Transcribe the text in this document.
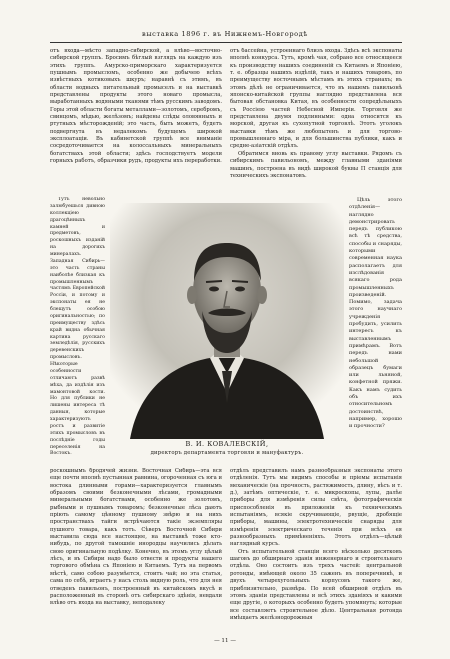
выставка 1896 г. въ Нижнемъ-Новгородѣ

отъ входа—мѣсто западно-сибирской, а влѣво—восточно-сибирской группъ. Бросимъ бѣглый взглядъ на каждую изъ этихъ группъ. Амурско-приморскаго характеризуется пушнымъ промысломъ, особенно же добычею всѣхъ извѣстныхъ котиковыхъ шкуръ; наравнѣ съ этимъ, въ области водныхъ питательный промыселъ и на выставкѣ представлены продукты этого новаго промысла, выработанныхъ водяными тканями тѣмъ русскимъ заводомъ. Горы этой области богаты металлами—золотомъ, серебромъ, свинцомъ, мѣдью, желѣзомъ; найдены слѣды оловянныхъ и ртутныхъ мѣсторожденій; это часть, быть можетъ, будетъ подвергнута въ недалекомъ будущемъ широкой эксплоатаціи. Въ кабинетской группѣ все вниманіе сосредоточивается на колоссальныхъ минеральныхъ богатствахъ этой области; здѣсь господствуетъ модели горныхъ работъ, образчики рудъ, продукты ихъ переработки.

отъ бассейна, устроеннаго близъ входа. Здѣсь всѣ экспонаты вполнѣ конкурса. Тутъ, кромѣ чая, собрано все относящееся къ производству нашихъ соединеній съ Китаемъ и Японіею, т. е. образцы нашихъ издѣлій, такъ и нашихъ товаровъ, по преимуществу восточнымъ мѣстамъ въ этихъ странахъ; въ этомъ дѣлѣ не ограничивается, что въ нашемъ павильонѣ японско-китайской группы наглядно представлена вся бытовая обстановка Китая, въ особенности сопредѣльныхъ съ Россіею частей Небесной Имперіи. Торговля же представлена двумя подлинными: одна относится къ морской, другая къ сухопутной торговлѣ. Этотъ уголокъ выставки тѣмъ же любопытенъ и для торгово-промышленнаго міра, и для большинства публики, какъ и средне-азіатскій отдѣлъ.

Обратимся вновь къ правому углу выставки. Рядомъ съ сибирскимъ павильономъ, между главными зданіями машинъ, построена въ видѣ широкой буквы П станція для техническихъ экспонатовъ.

Тутъ невольно залюбуешься дивною коллекціею драгоцѣнныхъ камней и предметовъ, роскошныхъ изданій на дорогихъ минералахъ. Западная Сибирь—это часть страны наиболѣе близкая къ промышленнымъ частямъ Европейской Россіи, и потому и экспонаты ея не блещутъ особою оригинальностью; по преимуществу здѣсь край видна обычная картина русскаго земледѣлія, русскихъ деревенскихъ промысловъ. Нѣкоторые особенности отличаютъ развѣ мѣха, да издѣлія изъ мамонтовой кости. Но для публики не лишены интереса тѣ данныя, которые характеризуютъ ростъ и развитіе этихъ промысловъ въ послѣдніе годы переселенія на Востокъ.

Цѣль этого отдѣленія—наглядно демонстрировать передъ публикою всѣ тѣ средства, способы и снаряды, которыми современная наука располагаетъ для изслѣдованія всякаго рода промышленныхъ произведеній. Помимо, задача этого научнаго учрежденія пробудить, усилить интересъ къ выставленнымъ примѣрамъ. Вотъ передъ нами небольшой образецъ бумаги или льняной, конфетной пряжи. Какъ намъ судить объ ихъ относительномъ достоинствѣ, например, хорошо и прочности?

В. И. КОВАЛЕВСКІЙ,
директоръ департамента торговли и мануфактуръ.

роскошнымъ бродячей жизни. Восточная Сибирь—эта вся еще почти вполнѣ пустынная равнина, огороченная съ юга и востока длинными горами—характеризуется главнымъ образомъ своими безконечными лѣсами, громадными минеральными богатствами, особенно же золотомъ, рыбными и пушнымъ товаромъ; безконечные лѣса даютъ пріють самому цѣнному пушному звѣрю и на нихъ пространствахъ тайги встрѣчаются такіе экземпляры пушного товара, какъ тотъ. Сѣверъ Восточной Сибири выставила сюда все настоящее, на выставкѣ тоже кто-нибудь, по другой тамошніе инородцы научились дѣлать свою оригинальную подѣлку. Конечно, въ этомъ углу цѣлый лѣсъ, и въ Сибири надо было отвести и продукты нашего торгового обмѣна съ Японіею и Китаемъ. Тутъ на первомъ мѣстѣ, само собою разумѣется, стоитъ чай; но эта статья, сама по себѣ, играетъ у насъ столь видную роль, что для нея отведенъ павильонъ, построенный въ китайскомъ вкусѣ и расположенный въ сторонѣ отъ сибирскаго здѣнія, невдали влѣво отъ входа на выставку, неподалеку

отдѣлъ представилъ намъ разнообразныя экспонаты этого отдѣленія. Тутъ мы видимъ способы и пріемы испытанія механическіе (на прочность, растяжимость, длину, вѣсъ и т. д.), затѣмъ оптическіе, т. е. микроскопы, лупы, далѣе приборы для измѣренія силы свѣта, фотографическія приспособленія въ приложеніи къ техническимъ испытаніямъ, всякіе скручивающіе, рвущіе, дробящіе приборы, машины, электротехническіе снаряды для измѣренія электрическаго теченія при всѣхъ ея разнообразныхъ примѣненіяхъ. Этотъ отдѣлъ—цѣлый наглядный курсъ.

Отъ испытательной станціи всего нѣсколько десятковъ шаговъ до обширнаго зданія инженернаго и строительнаго отдѣла. Оно состоитъ изъ трехъ частей: центральной ротонды, имѣющей около 35 саженъ въ поперечникѣ, и двухъ четырехугольныхъ корпусовъ такого же, приблизительно, размѣра. По всей обширной отдѣлъ въ этомъ зданіи представлены и всѣ этихъ зданіяхъ и какими еще другіе, о которыхъ особенно будетъ упомянуть; которые все составляетъ строительное дѣло. Центральная ротонда имѣщаетъ желѣзнодорожныя

— 11 —
